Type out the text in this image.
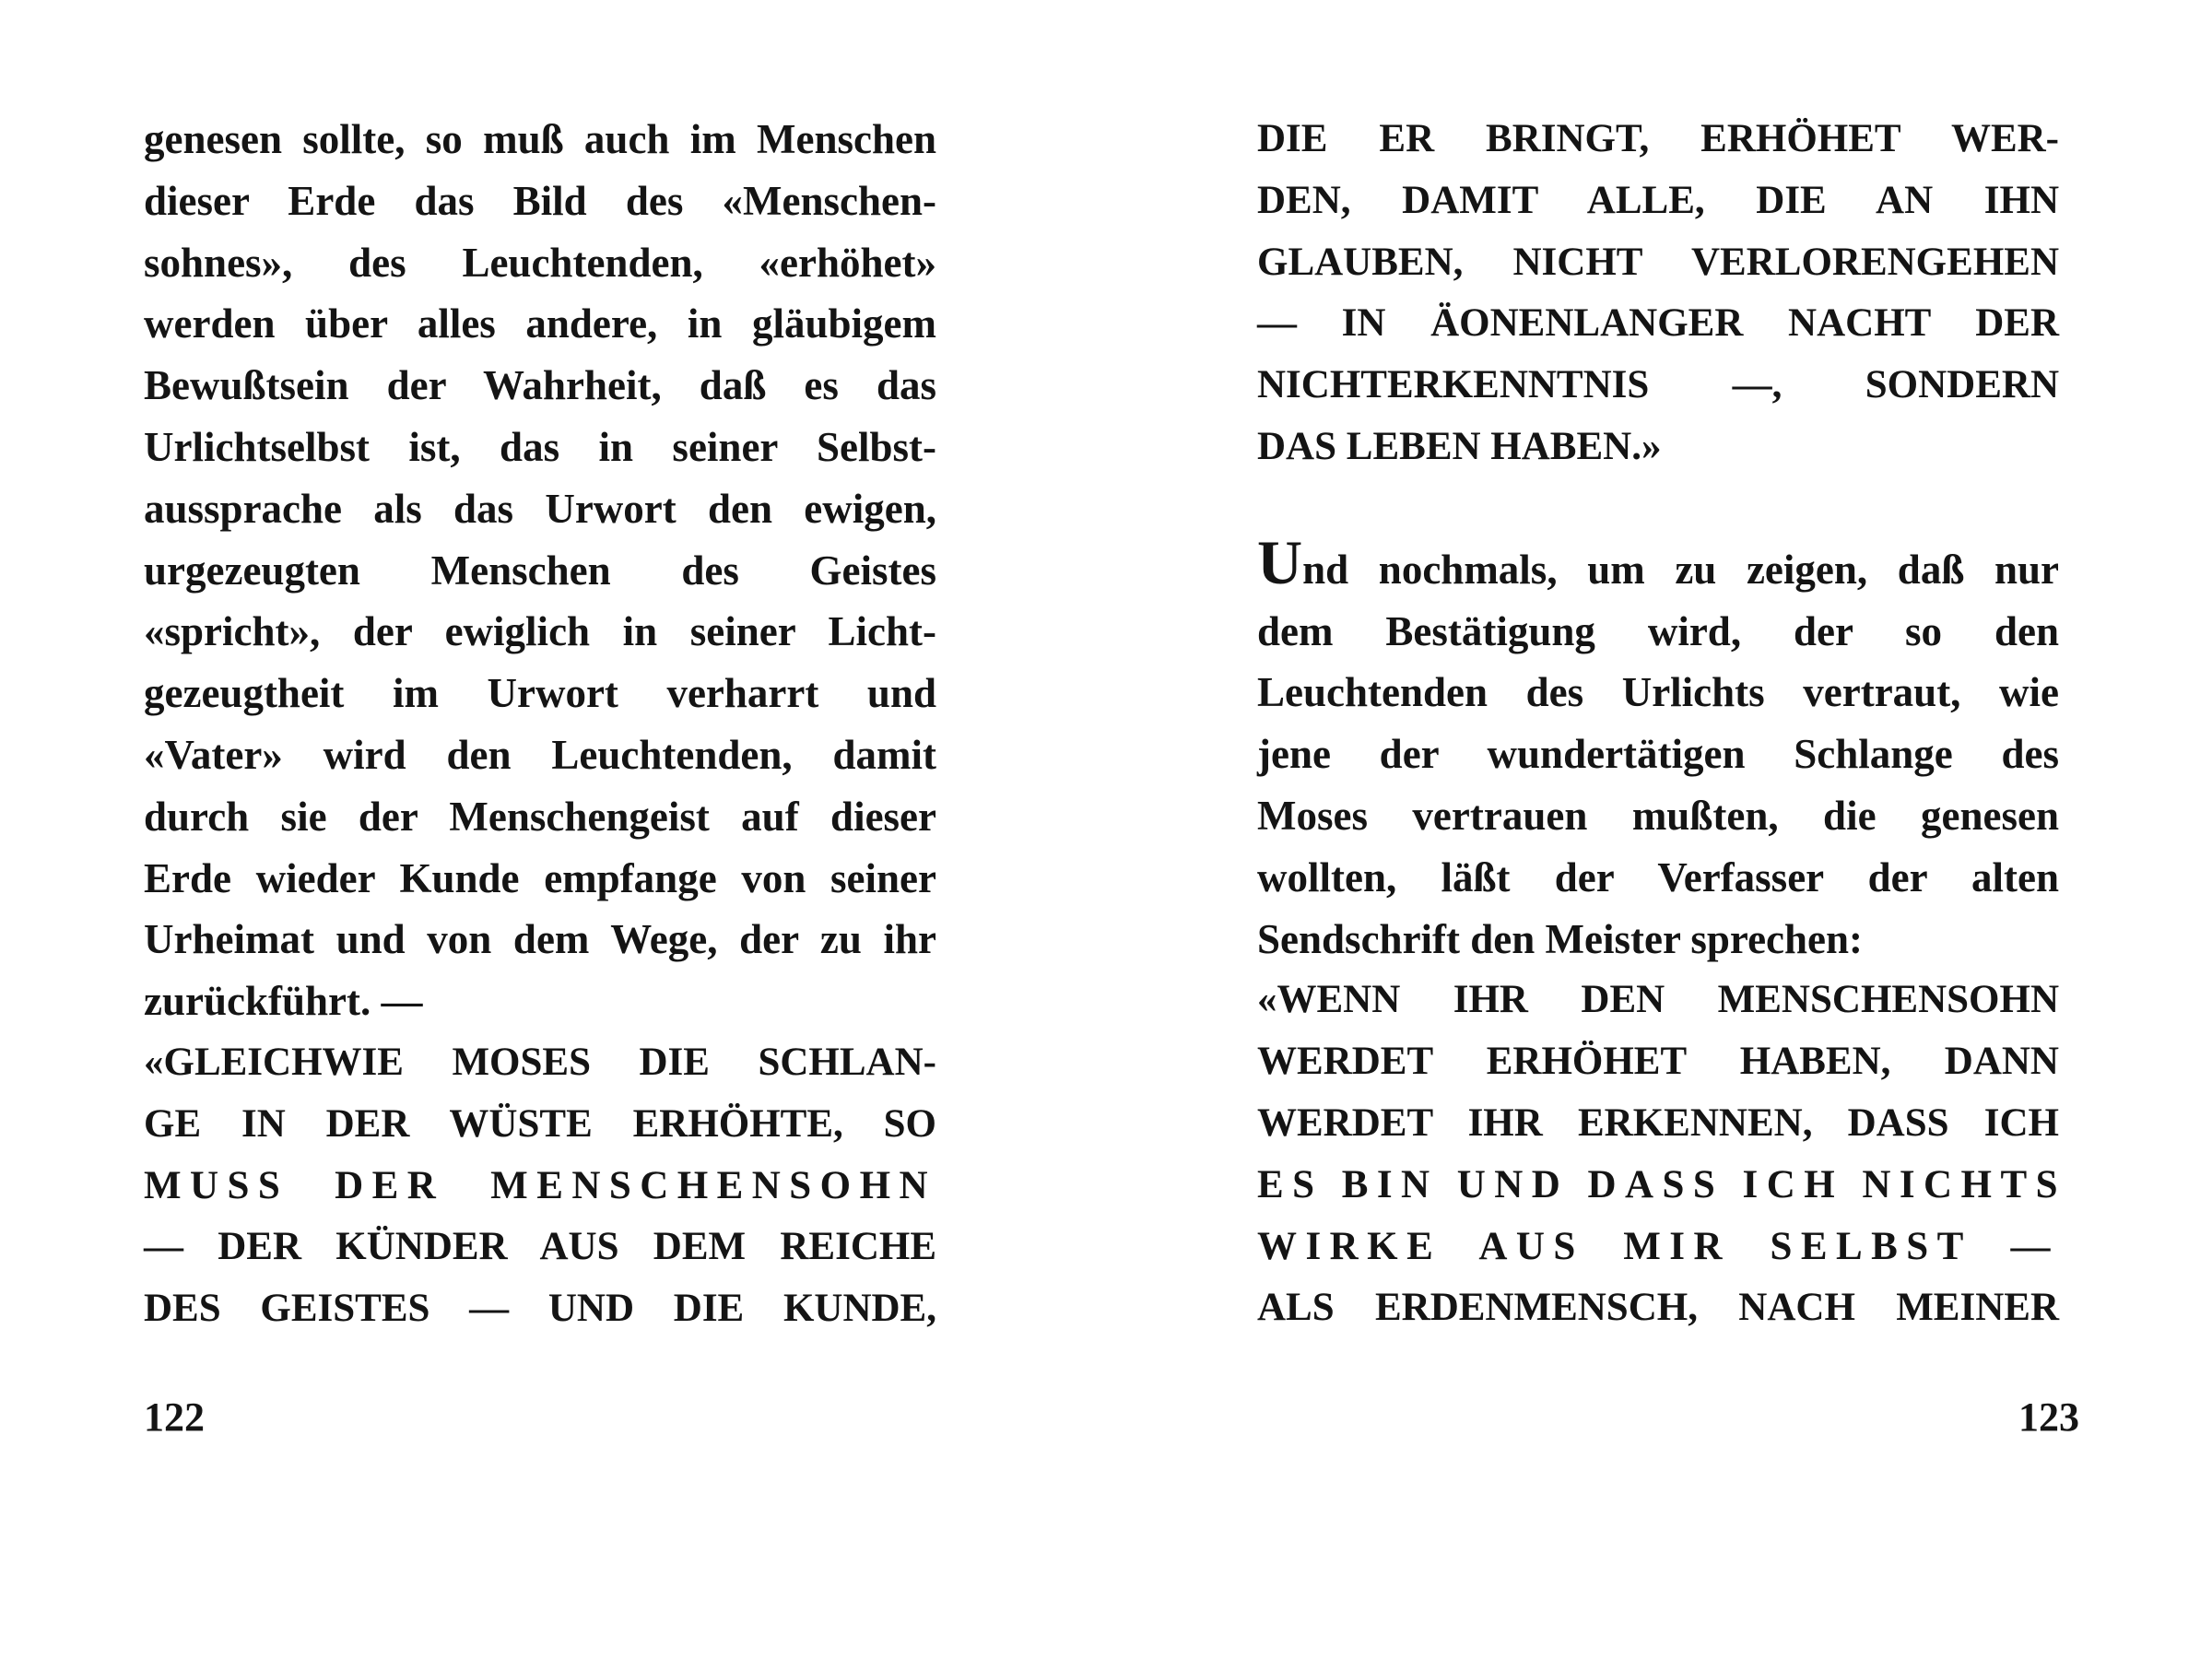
genesen sollte, so muß auch im Menschen
dieser Erde das Bild des «Menschen-
sohnes», des Leuchtenden, «erhöhet»
werden über alles andere, in gläubigem
Bewußtsein der Wahrheit, daß es das
Urlichtselbst ist, das in seiner Selbst-
aussprache als das Urwort den ewigen,
urgezeugten Menschen des Geistes
«spricht», der ewiglich in seiner Licht-
gezeugtheit im Urwort verharrt und
«Vater» wird den Leuchtenden, damit
durch sie der Menschengeist auf dieser
Erde wieder Kunde empfange von seiner
Urheimat und von dem Wege, der zu ihr
zurückführt. —
«GLEICHWIE MOSES DIE SCHLAN-
GE IN DER WÜSTE ERHÖHTE, SO
MUSS DER MENSCHENSOHN
— DER KÜNDER AUS DEM REICHE
DES GEISTES — UND DIE KUNDE,
122
DIE ER BRINGT, ERHÖHET WER-
DEN, DAMIT ALLE, DIE AN IHN
GLAUBEN, NICHT VERLORENGEHEN
— IN ÄONENLANGER NACHT DER
NICHTERKENNTNIS —, SONDERN
DAS LEBEN HABEN.»
Und nochmals, um zu zeigen, daß nur
dem Bestätigung wird, der so den
Leuchtenden des Urlichts vertraut, wie
jene der wundertätigen Schlange des
Moses vertrauen mußten, die genesen
wollten, läßt der Verfasser der alten
Sendschrift den Meister sprechen:
«WENN IHR DEN MENSCHENSOHN
WERDET ERHÖHET HABEN, DANN
WERDET IHR ERKENNEN, DASS ICH
ES BIN UND DASS ICH NICHTS
WIRKE AUS MIR SELBST —
ALS ERDENMENSCH, NACH MEINER
123
